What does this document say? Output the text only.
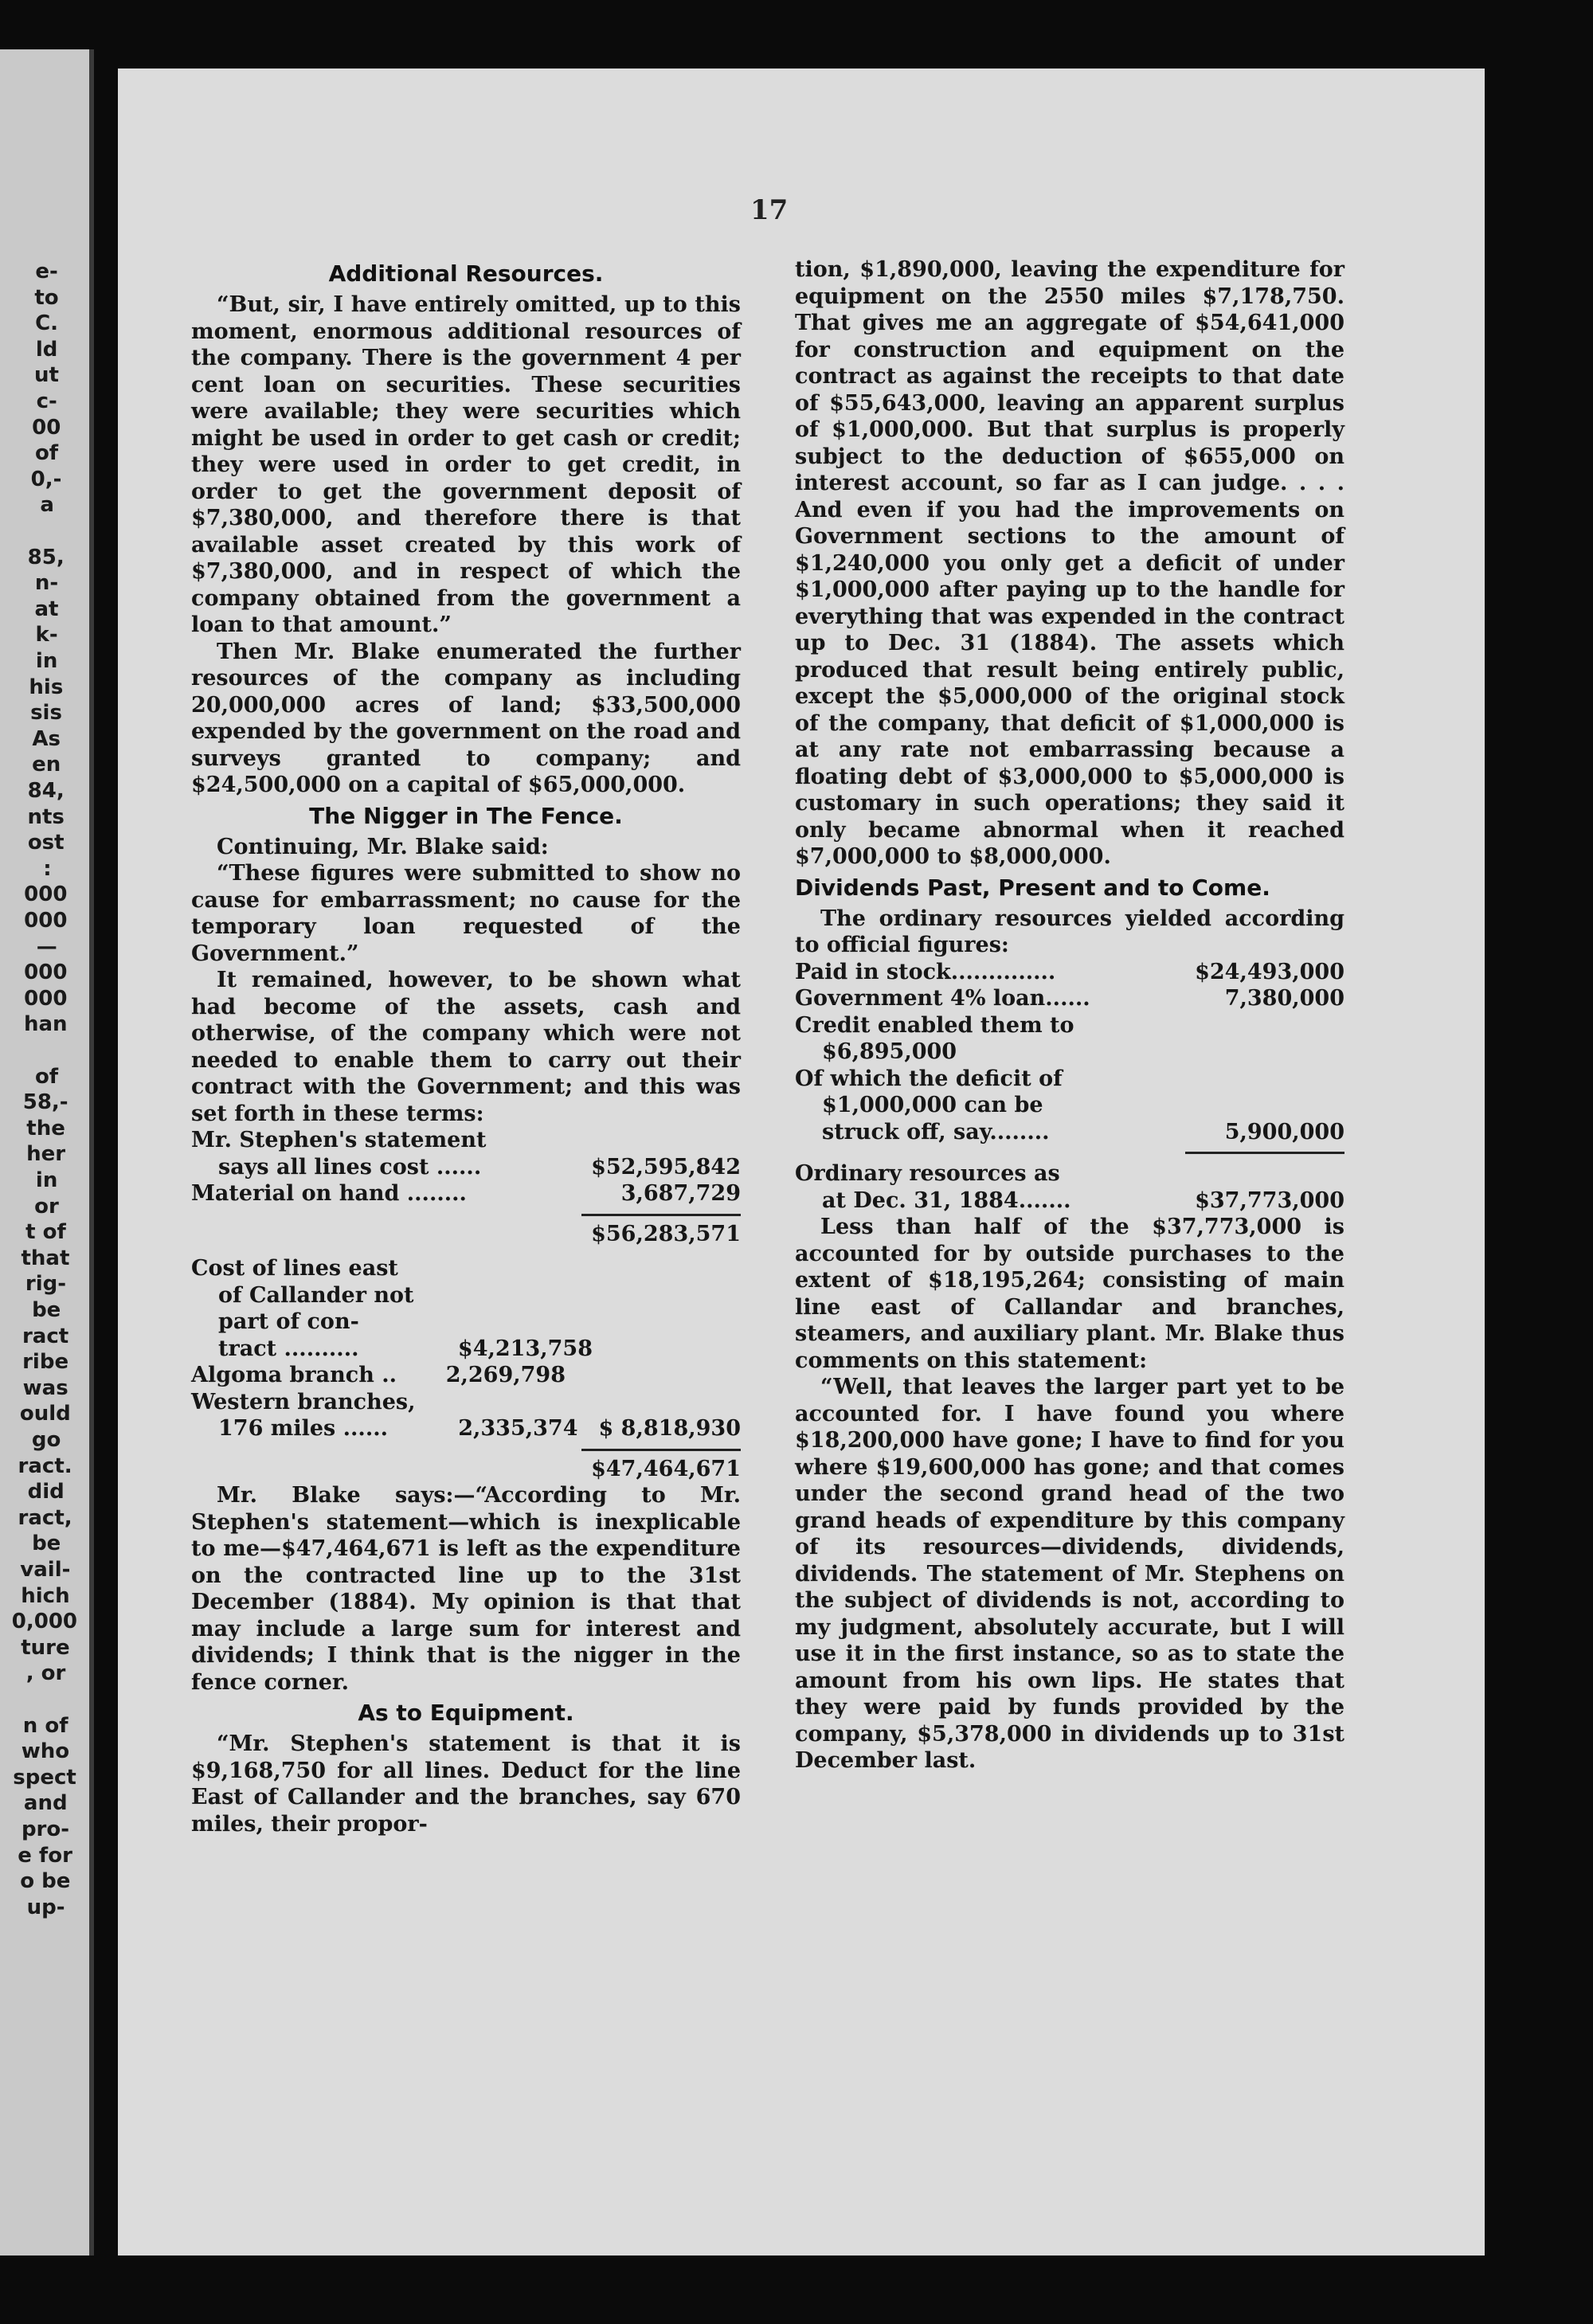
e-
to
C.
ld
ut
c-
00
of
0,-
a
85,
n-
at
k-
in
his
sis
As
en
84,
nts
ost
:
000
000
—
000
000
han
of
58,-
the
her
in
or
t of
that
rig-
be
ract
ribe
was
ould
go
ract.
did
ract,
be
vail-
hich
0,000
ture
, or
n of
who
spect
and
pro-
e for
o be
up-
17
Additional Resources.

“But, sir, I have entirely omitted, up to this moment, enormous additional resources of the company. There is the government 4 per cent loan on securities. These securities were available; they were securities which might be used in order to get cash or credit; they were used in order to get credit, in order to get the government deposit of $7,380,000, and therefore there is that available asset created by this work of $7,380,000, and in respect of which the company obtained from the government a loan to that amount.”

Then Mr. Blake enumerated the further resources of the company as including 20,000,000 acres of land; $33,500,000 expended by the government on the road and surveys granted to company; and $24,500,000 on a capital of $65,000,000.

The Nigger in The Fence.

Continuing, Mr. Blake said:

“These figures were submitted to show no cause for embarrassment; no cause for the temporary loan requested of the Government.”

It remained, however, to be shown what had become of the assets, cash and otherwise, of the company which were not needed to enable them to carry out their contract with the Government; and this was set forth in these terms:

Mr. Stephen's statement
says all lines cost ......	$52,595,842
Material on hand ........	3,687,729
$56,283,571
Cost of lines east
of Callander not
part of con-
tract ..........	$4,213,758
Algoma branch ..	2,269,798
Western branches,
176 miles ......	2,335,374 $ 8,818,930
$47,464,671

Mr. Blake says:—“According to Mr. Stephen's statement—which is inexplicable to me—$47,464,671 is left as the expenditure on the contracted line up to the 31st December (1884). My opinion is that that may include a large sum for interest and dividends; I think that is the nigger in the fence corner.

As to Equipment.

“Mr. Stephen's statement is that it is $9,168,750 for all lines. Deduct for the line East of Callander and the branches, say 670 miles, their propor-

tion, $1,890,000, leaving the expenditure for equipment on the 2550 miles $7,178,750. That gives me an aggregate of $54,641,000 for construction and equipment on the contract as against the receipts to that date of $55,643,000, leaving an apparent surplus of $1,000,000. But that surplus is properly subject to the deduction of $655,000 on interest account, so far as I can judge. . . . And even if you had the improvements on Government sections to the amount of $1,240,000 you only get a deficit of under $1,000,000 after paying up to the handle for everything that was expended in the contract up to Dec. 31 (1884). The assets which produced that result being entirely public, except the $5,000,000 of the original stock of the company, that deficit of $1,000,000 is at any rate not embarrassing because a floating debt of $3,000,000 to $5,000,000 is customary in such operations; they said it only became abnormal when it reached $7,000,000 to $8,000,000.

Dividends Past, Present and to Come.

The ordinary resources yielded according to official figures:

Paid in stock..............	$24,493,000
Government 4% loan......	7,380,000
Credit enabled them to
$6,895,000
Of which the deficit of
$1,000,000 can be
struck off, say........	5,900,000
Ordinary resources as
at Dec. 31, 1884.......	$37,773,000

Less than half of the $37,773,000 is accounted for by outside purchases to the extent of $18,195,264; consisting of main line east of Callandar and branches, steamers, and auxiliary plant. Mr. Blake thus comments on this statement:

“Well, that leaves the larger part yet to be accounted for. I have found you where $18,200,000 have gone; I have to find for you where $19,600,000 has gone; and that comes under the second grand head of the two grand heads of expenditure by this company of its resources—dividends, dividends, dividends. The statement of Mr. Stephens on the subject of dividends is not, according to my judgment, absolutely accurate, but I will use it in the first instance, so as to state the amount from his own lips. He states that they were paid by funds provided by the company, $5,378,000 in dividends up to 31st December last.
